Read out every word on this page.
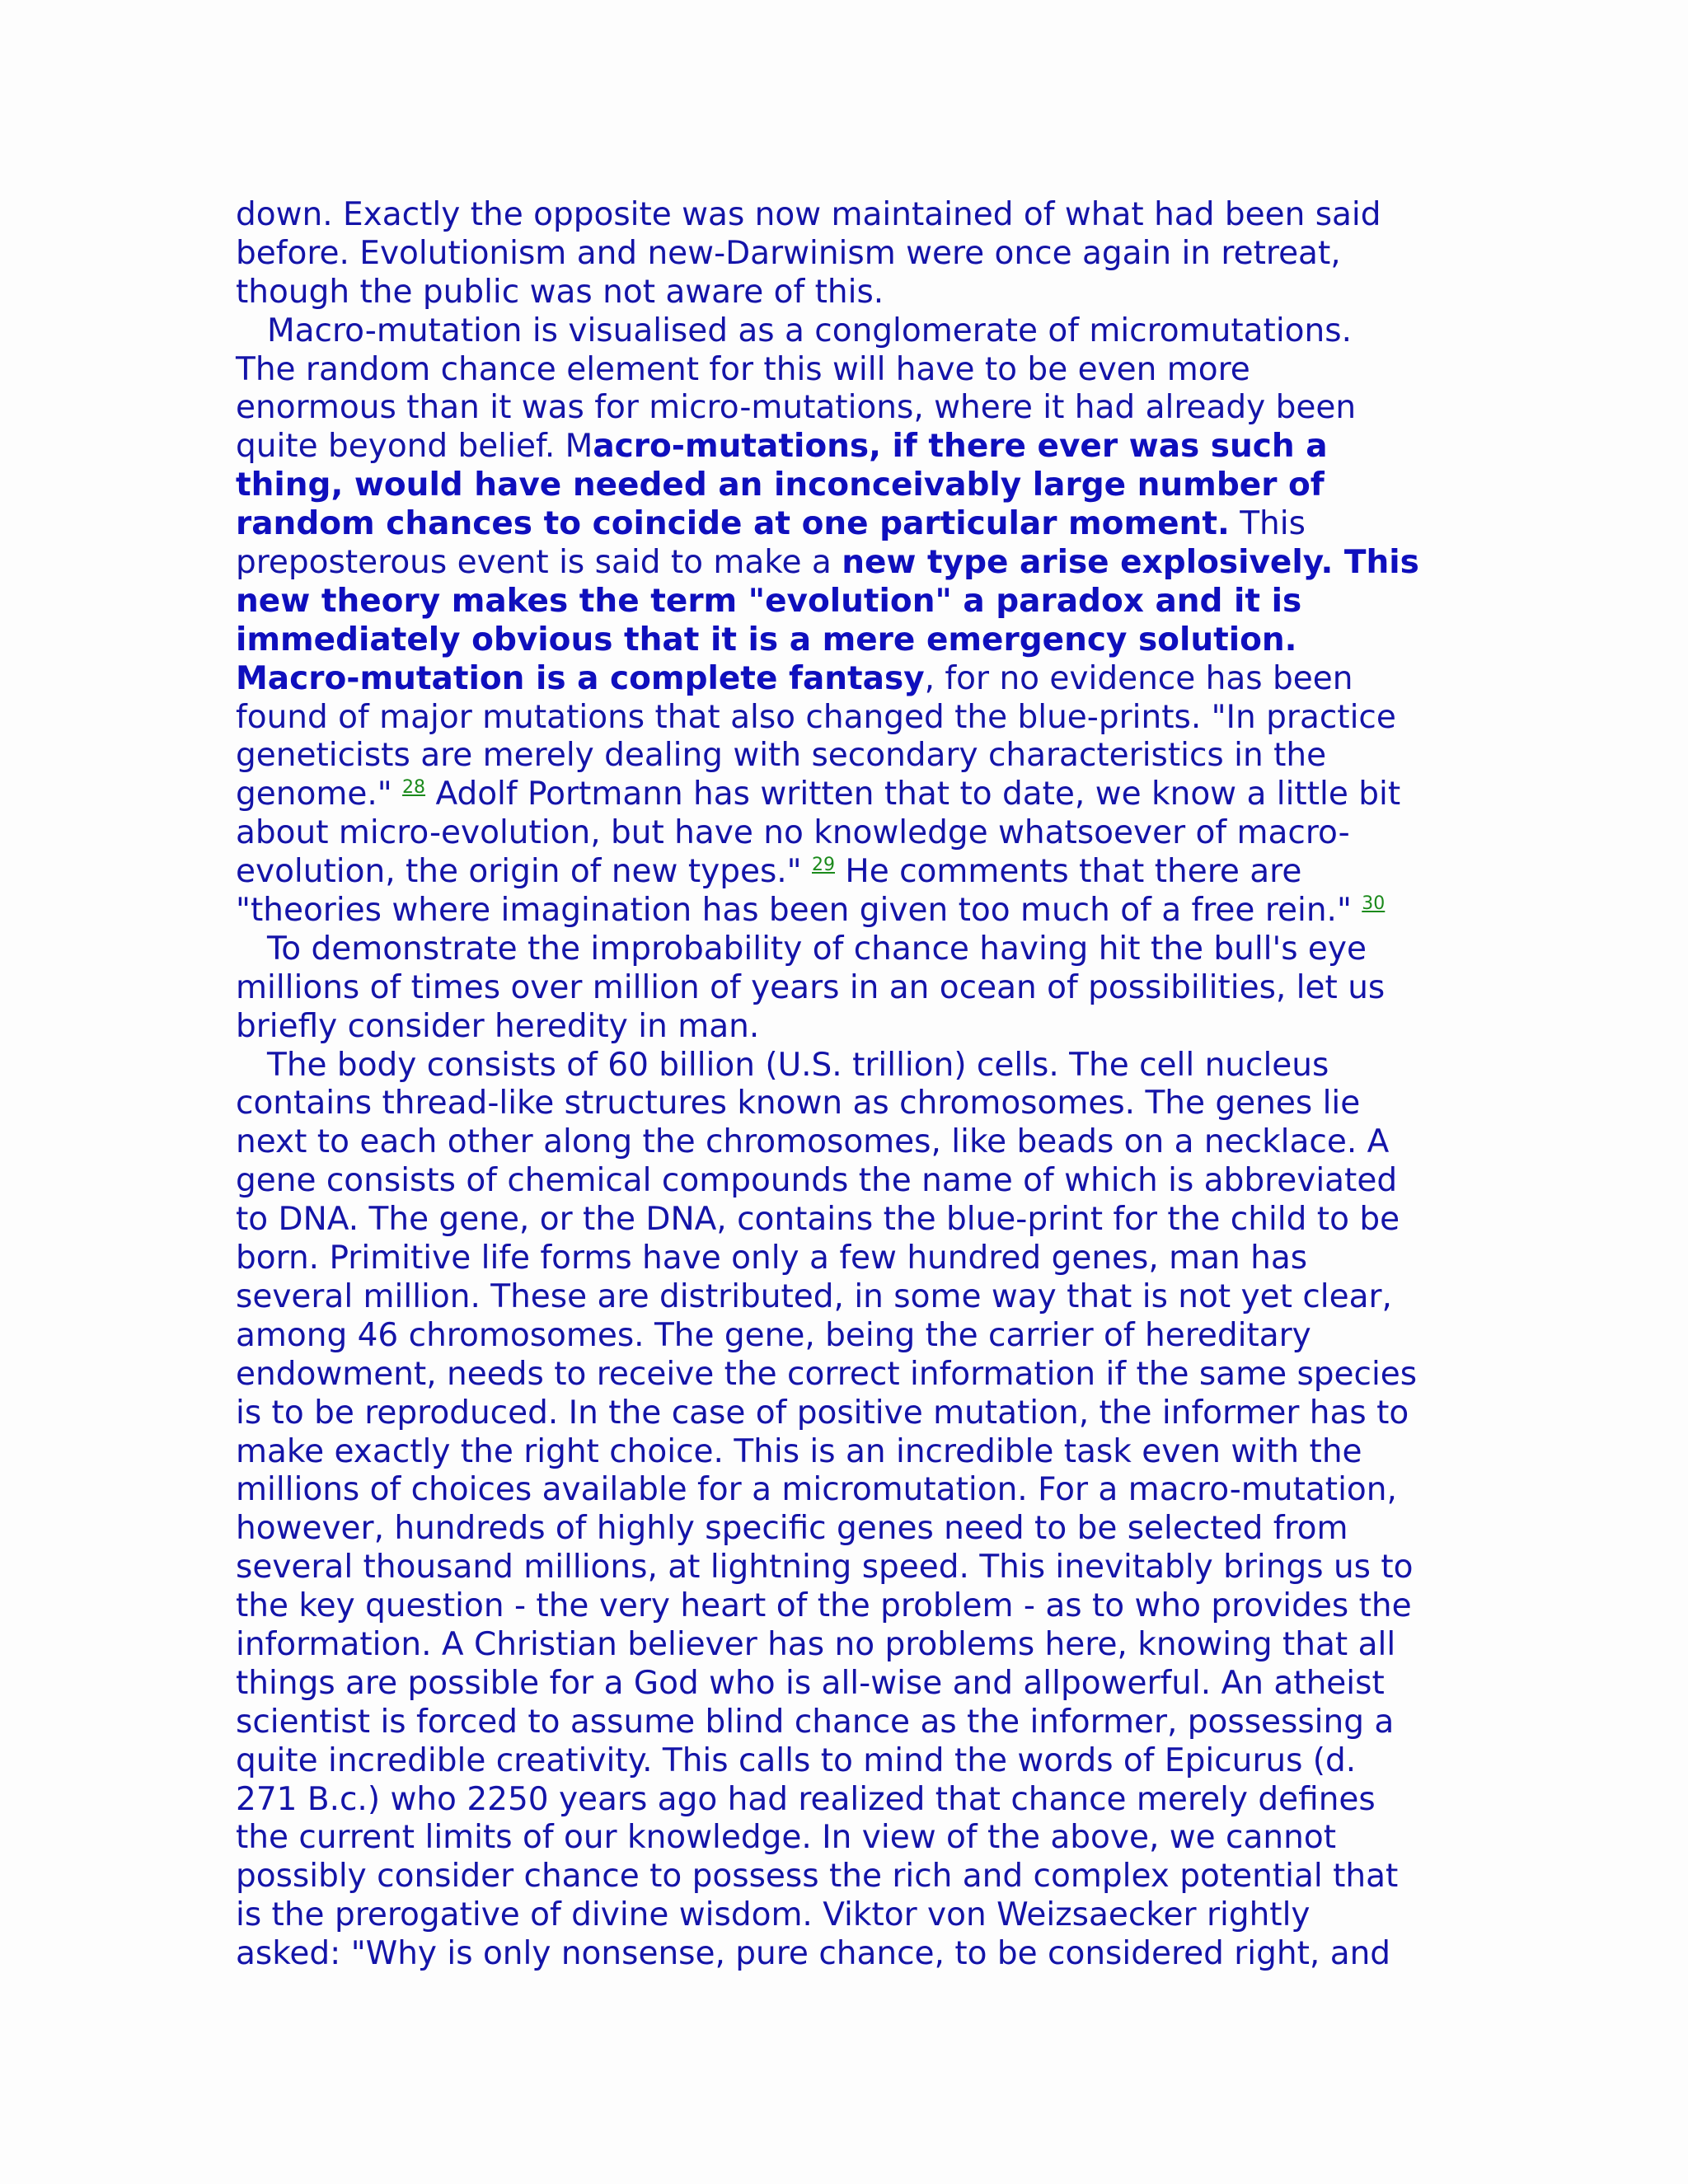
down. Exactly the opposite was now maintained of what had been said
before. Evolutionism and new-Darwinism were once again in retreat,
though the public was not aware of this.
Macro-mutation is visualised as a conglomerate of micromutations.
The random chance element for this will have to be even more
enormous than it was for micro-mutations, where it had already been
quite beyond belief. Macro-mutations, if there ever was such a
thing, would have needed an inconceivably large number of
random chances to coincide at one particular moment. This
preposterous event is said to make a new type arise explosively. This
new theory makes the term "evolution" a paradox and it is
immediately obvious that it is a mere emergency solution.
Macro-mutation is a complete fantasy, for no evidence has been
found of major mutations that also changed the blue-prints. "In practice
geneticists are merely dealing with secondary characteristics in the
genome." $^{28}$ Adolf Portmann has written that to date, we know a little bit
about micro-evolution, but have no knowledge whatsoever of macro-
evolution, the origin of new types." $^{29}$ He comments that there are
"theories where imagination has been given too much of a free rein." $^{30}$
To demonstrate the improbability of chance having hit the bull's eye
millions of times over million of years in an ocean of possibilities, let us
briefly consider heredity in man.
The body consists of 60 billion (U.S. trillion) cells. The cell nucleus
contains thread-like structures known as chromosomes. The genes lie
next to each other along the chromosomes, like beads on a necklace. A
gene consists of chemical compounds the name of which is abbreviated
to DNA. The gene, or the DNA, contains the blue-print for the child to be
born. Primitive life forms have only a few hundred genes, man has
several million. These are distributed, in some way that is not yet clear,
among 46 chromosomes. The gene, being the carrier of hereditary
endowment, needs to receive the correct information if the same species
is to be reproduced. In the case of positive mutation, the informer has to
make exactly the right choice. This is an incredible task even with the
millions of choices available for a micromutation. For a macro-mutation,
however, hundreds of highly specific genes need to be selected from
several thousand millions, at lightning speed. This inevitably brings us to
the key question - the very heart of the problem - as to who provides the
information. A Christian believer has no problems here, knowing that all
things are possible for a God who is all-wise and allpowerful. An atheist
scientist is forced to assume blind chance as the informer, possessing a
quite incredible creativity. This calls to mind the words of Epicurus (d.
271 B.c.) who 2250 years ago had realized that chance merely defines
the current limits of our knowledge. In view of the above, we cannot
possibly consider chance to possess the rich and complex potential that
is the prerogative of divine wisdom. Viktor von Weizsaecker rightly
asked: "Why is only nonsense, pure chance, to be considered right, and
